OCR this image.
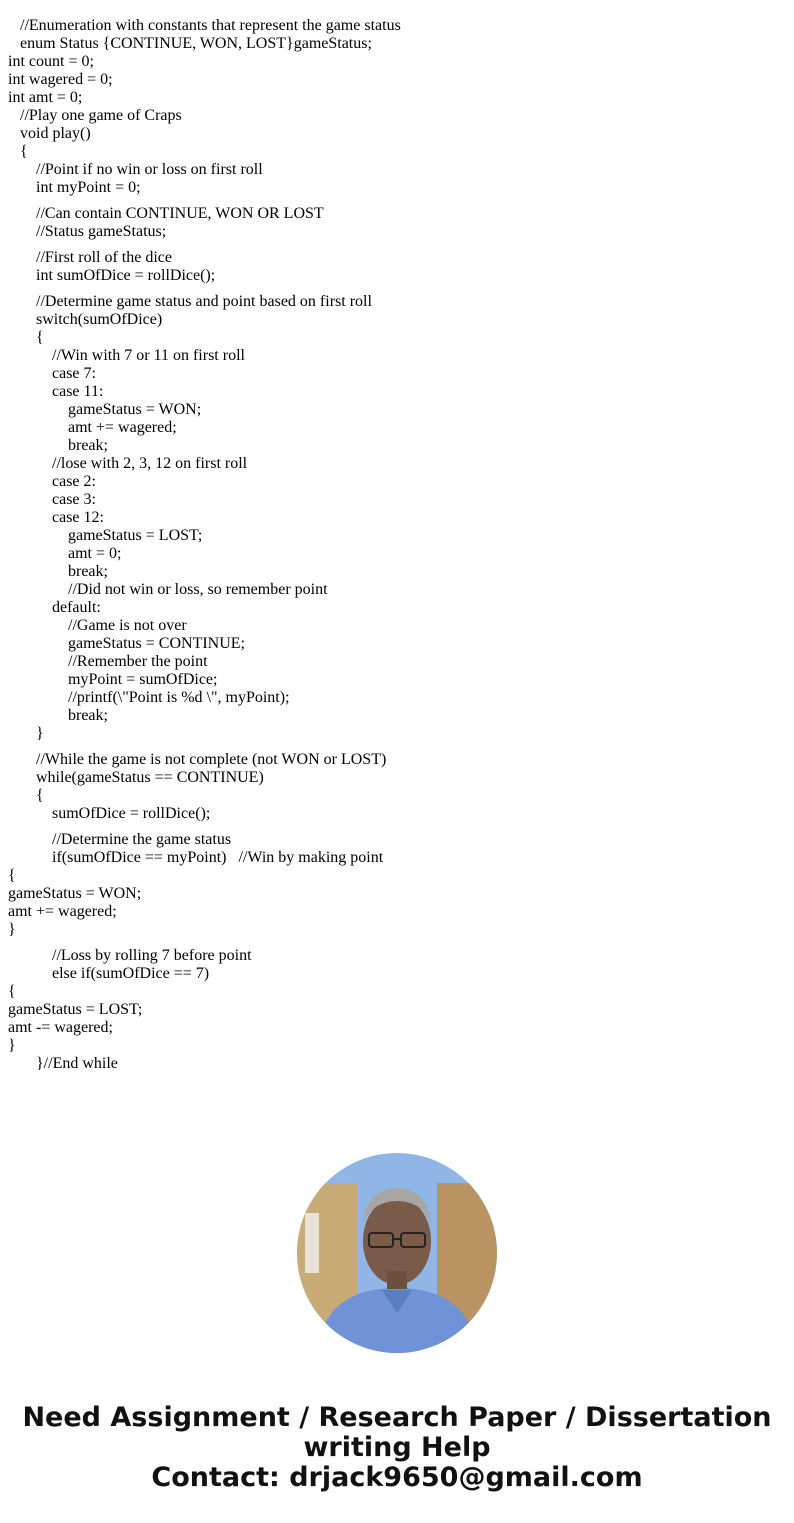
//Enumeration with constants that represent the game status
enum Status {CONTINUE, WON, LOST}gameStatus;
int count = 0;
int wagered = 0;
int amt = 0;
//Play one game of Craps
void play()
{
//Point if no win or loss on first roll
int myPoint = 0;
//Can contain CONTINUE, WON OR LOST
//Status gameStatus;
//First roll of the dice
int sumOfDice = rollDice();
//Determine game status and point based on first roll
switch(sumOfDice)
{
//Win with 7 or 11 on first roll
case 7:
case 11:
gameStatus = WON;
amt += wagered;
break;
//lose with 2, 3, 12 on first roll
case 2:
case 3:
case 12:
gameStatus = LOST;
amt = 0;
break;
//Did not win or loss, so remember point
default:
//Game is not over
gameStatus = CONTINUE;
//Remember the point
myPoint = sumOfDice;
//printf(\"Point is %d \", myPoint);
break;
}
//While the game is not complete (not WON or LOST)
while(gameStatus == CONTINUE)
{
sumOfDice = rollDice();
//Determine the game status
if(sumOfDice == myPoint)   //Win by making point
{
gameStatus = WON;
amt += wagered;
}
//Loss by rolling 7 before point
else if(sumOfDice == 7)
{
gameStatus = LOST;
amt -= wagered;
}
}//End while
Need Assignment / Research Paper / Dissertation
writing Help
Contact: drjack9650@gmail.com
